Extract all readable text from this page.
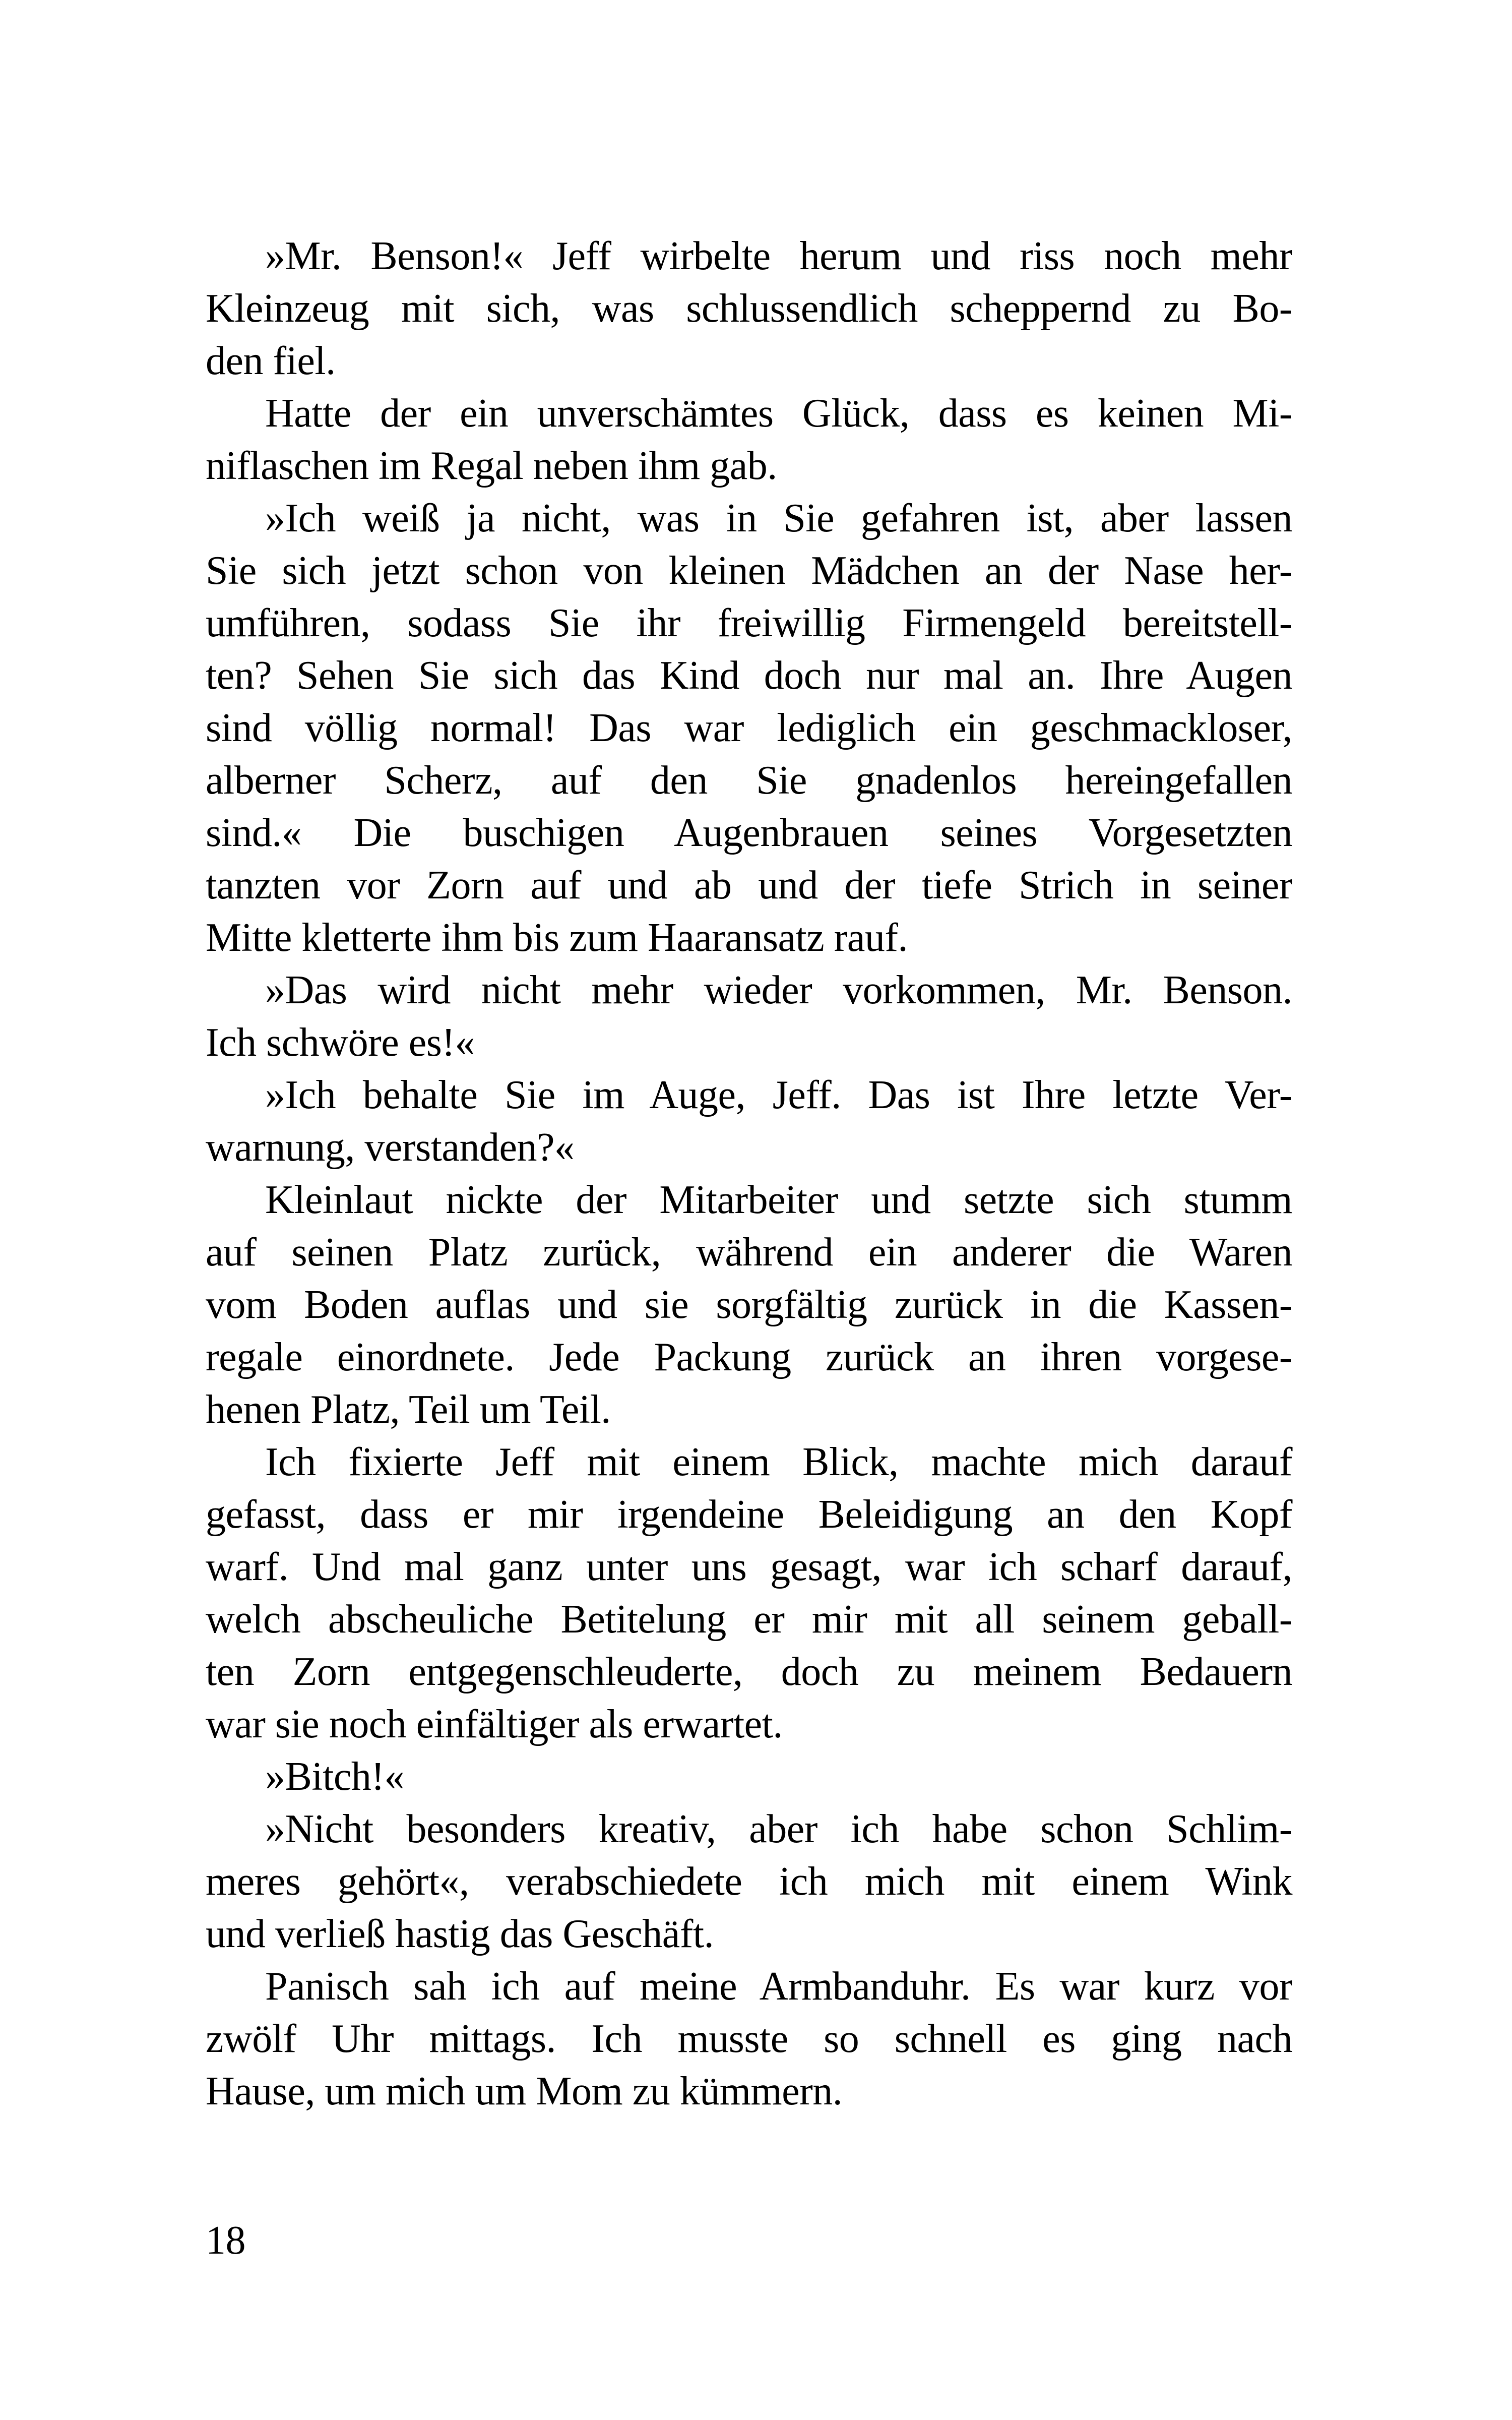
»Mr. Benson!« Jeff wirbelte herum und riss noch mehr
Kleinzeug mit sich, was schlussendlich scheppernd zu Bo-
den fiel.
Hatte der ein unverschämtes Glück, dass es keinen Mi-
niflaschen im Regal neben ihm gab.
»Ich weiß ja nicht, was in Sie gefahren ist, aber lassen
Sie sich jetzt schon von kleinen Mädchen an der Nase her-
umführen, sodass Sie ihr freiwillig Firmengeld bereitstell-
ten? Sehen Sie sich das Kind doch nur mal an. Ihre Augen
sind völlig normal! Das war lediglich ein geschmackloser,
alberner Scherz, auf den Sie gnadenlos hereingefallen
sind.« Die buschigen Augenbrauen seines Vorgesetzten
tanzten vor Zorn auf und ab und der tiefe Strich in seiner
Mitte kletterte ihm bis zum Haaransatz rauf.
»Das wird nicht mehr wieder vorkommen, Mr. Benson.
Ich schwöre es!«
»Ich behalte Sie im Auge, Jeff. Das ist Ihre letzte Ver-
warnung, verstanden?«
Kleinlaut nickte der Mitarbeiter und setzte sich stumm
auf seinen Platz zurück, während ein anderer die Waren
vom Boden auflas und sie sorgfältig zurück in die Kassen-
regale einordnete. Jede Packung zurück an ihren vorgese-
henen Platz, Teil um Teil.
Ich fixierte Jeff mit einem Blick, machte mich darauf
gefasst, dass er mir irgendeine Beleidigung an den Kopf
warf. Und mal ganz unter uns gesagt, war ich scharf darauf,
welch abscheuliche Betitelung er mir mit all seinem geball-
ten Zorn entgegenschleuderte, doch zu meinem Bedauern
war sie noch einfältiger als erwartet.
»Bitch!«
»Nicht besonders kreativ, aber ich habe schon Schlim-
meres gehört«, verabschiedete ich mich mit einem Wink
und verließ hastig das Geschäft.
Panisch sah ich auf meine Armbanduhr. Es war kurz vor
zwölf Uhr mittags. Ich musste so schnell es ging nach
Hause, um mich um Mom zu kümmern.
18
